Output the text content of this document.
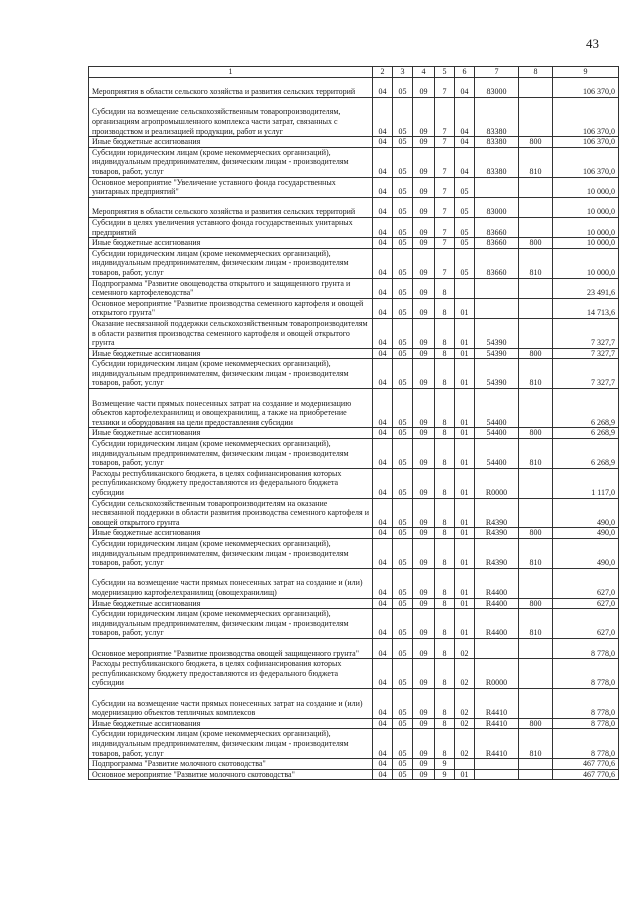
43
1	2	3	4	5	6	7	8	9
Мероприятия в области сельского хозяйства и развития сельских территорий	04	05	09	7	04	83000		106 370,0
Субсидии на возмещение сельскохозяйственным товаропроизводителям, организациям агропромышленного комплекса части затрат, связанных с производством и реализацией продукции, работ и услуг	04	05	09	7	04	83380		106 370,0
Иные бюджетные ассигнования	04	05	09	7	04	83380	800	106 370,0
Субсидии юридическим лицам (кроме некоммерческих организаций), индивидуальным предпринимателям, физическим лицам - производителям товаров, работ, услуг	04	05	09	7	04	83380	810	106 370,0
Основное мероприятие "Увеличение уставного фонда государственных унитарных предприятий"	04	05	09	7	05			10 000,0
Мероприятия в области сельского хозяйства и развития сельских территорий	04	05	09	7	05	83000		10 000,0
Субсидии в целях увеличения уставного фонда государственных унитарных предприятий	04	05	09	7	05	83660		10 000,0
Иные бюджетные ассигнования	04	05	09	7	05	83660	800	10 000,0
Субсидии юридическим лицам (кроме некоммерческих организаций), индивидуальным предпринимателям, физическим лицам - производителям товаров, работ, услуг	04	05	09	7	05	83660	810	10 000,0
Подпрограмма "Развитие овощеводства открытого и защищенного грунта и семенного картофелеводства"	04	05	09	8				23 491,6
Основное мероприятие "Развитие производства семенного картофеля и овощей открытого грунта"	04	05	09	8	01			14 713,6
Оказание несвязанной поддержки сельскохозяйственным товаропроизводителям в области развития производства семенного картофеля и овощей открытого грунта	04	05	09	8	01	54390		7 327,7
Иные бюджетные ассигнования	04	05	09	8	01	54390	800	7 327,7
Субсидии юридическим лицам (кроме некоммерческих организаций), индивидуальным предпринимателям, физическим лицам - производителям товаров, работ, услуг	04	05	09	8	01	54390	810	7 327,7
Возмещение части прямых понесенных затрат на создание и модернизацию объектов картофелехранилищ и овощехранилищ, а также на приобретение техники и оборудования на цели предоставления субсидии	04	05	09	8	01	54400		6 268,9
Иные бюджетные ассигнования	04	05	09	8	01	54400	800	6 268,9
Субсидии юридическим лицам (кроме некоммерческих организаций), индивидуальным предпринимателям, физическим лицам - производителям товаров, работ, услуг	04	05	09	8	01	54400	810	6 268,9
Расходы республиканского бюджета, в целях софинансирования которых республиканскому бюджету предоставляются из федерального бюджета субсидии	04	05	09	8	01	R0000		1 117,0
Субсидии сельскохозяйственным товаропроизводителям на оказание несвязанной поддержки в области развития производства семенного картофеля и овощей открытого грунта	04	05	09	8	01	R4390		490,0
Иные бюджетные ассигнования	04	05	09	8	01	R4390	800	490,0
Субсидии юридическим лицам (кроме некоммерческих организаций), индивидуальным предпринимателям, физическим лицам - производителям товаров, работ, услуг	04	05	09	8	01	R4390	810	490,0
Субсидии на возмещение части прямых понесенных затрат на создание и (или) модернизацию картофелехранилищ (овощехранилищ)	04	05	09	8	01	R4400		627,0
Иные бюджетные ассигнования	04	05	09	8	01	R4400	800	627,0
Субсидии юридическим лицам (кроме некоммерческих организаций), индивидуальным предпринимателям, физическим лицам - производителям товаров, работ, услуг	04	05	09	8	01	R4400	810	627,0
Основное мероприятие "Развитие производства овощей защищенного грунта"	04	05	09	8	02			8 778,0
Расходы республиканского бюджета, в целях софинансирования которых республиканскому бюджету предоставляются из федерального бюджета субсидии	04	05	09	8	02	R0000		8 778,0
Субсидии на возмещение части прямых понесенных затрат на создание и (или) модернизацию объектов тепличных комплексов	04	05	09	8	02	R4410		8 778,0
Иные бюджетные ассигнования	04	05	09	8	02	R4410	800	8 778,0
Субсидии юридическим лицам (кроме некоммерческих организаций), индивидуальным предпринимателям, физическим лицам - производителям товаров, работ, услуг	04	05	09	8	02	R4410	810	8 778,0
Подпрограмма "Развитие молочного скотоводства"	04	05	09	9				467 770,6
Основное мероприятие "Развитие молочного скотоводства"	04	05	09	9	01			467 770,6
